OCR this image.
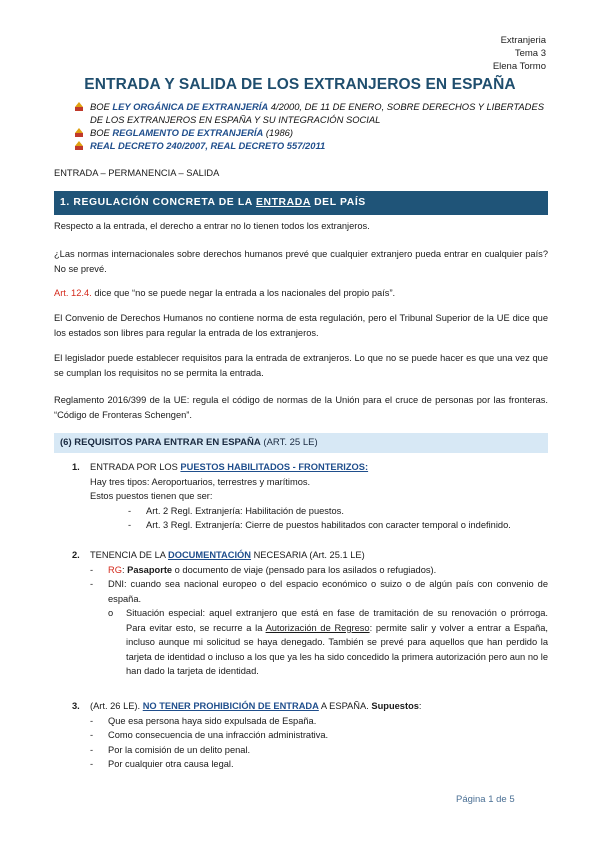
Extranjeria
Tema 3
Elena Tormo
ENTRADA Y SALIDA DE LOS EXTRANJEROS EN ESPAÑA
BOE LEY ORGÁNICA DE EXTRANJERÍA 4/2000, DE 11 DE ENERO, SOBRE DERECHOS Y LIBERTADES DE LOS EXTRANJEROS EN ESPAÑA Y SU INTEGRACIÓN SOCIAL
BOE REGLAMENTO DE EXTRANJERÍA (1986)
REAL DECRETO 240/2007, REAL DECRETO 557/2011
ENTRADA – PERMANENCIA – SALIDA
1. REGULACIÓN CONCRETA DE LA ENTRADA DEL PAÍS
Respecto a la entrada, el derecho a entrar no lo tienen todos los extranjeros.
¿Las normas internacionales sobre derechos humanos prevé que cualquier extranjero pueda entrar en cualquier país? No se prevé.
Art. 12.4. dice que “no se puede negar la entrada a los nacionales del propio país”.
El Convenio de Derechos Humanos no contiene norma de esta regulación, pero el Tribunal Superior de la UE dice que los estados son libres para regular la entrada de los extranjeros.
El legislador puede establecer requisitos para la entrada de extranjeros. Lo que no se puede hacer es que una vez que se cumplan los requisitos no se permita la entrada.
Reglamento 2016/399 de la UE: regula el código de normas de la Unión para el cruce de personas por las fronteras. “Código de Fronteras Schengen”.
(6) REQUISITOS PARA ENTRAR EN ESPAÑA (ART. 25 LE)
1. ENTRADA POR LOS PUESTOS HABILITADOS - FRONTERIZOS:
Hay tres tipos: Aeroportuarios, terrestres y marítimos.
Estos puestos tienen que ser:
- Art. 2 Regl. Extranjería: Habilitación de puestos.
- Art. 3 Regl. Extranjería: Cierre de puestos habilitados con caracter temporal o indefinido.
2. TENENCIA DE LA DOCUMENTACIÓN NECESARIA (Art. 25.1 LE)
- RG: Pasaporte o documento de viaje (pensado para los asilados o refugiados).
- DNI: cuando sea nacional europeo o del espacio económico o suizo o de algún país con convenio de españa.
o Situación especial: aquel extranjero que está en fase de tramitación de su renovación o prórroga. Para evitar esto, se recurre a la Autorización de Regreso: permite salir y volver a entrar a España, incluso aunque mi solicitud se haya denegado. También se prevé para aquellos que han perdido la tarjeta de identidad o incluso a los que ya les ha sido concedido la primera autorización pero aun no le han dado la tarjeta de identidad.
3. (Art. 26 LE). NO TENER PROHIBICIÓN DE ENTRADA A ESPAÑA. Supuestos:
- Que esa persona haya sido expulsada de España.
- Como consecuencia de una infracción administrativa.
- Por la comisión de un delito penal.
- Por cualquier otra causa legal.
Página 1 de 5
